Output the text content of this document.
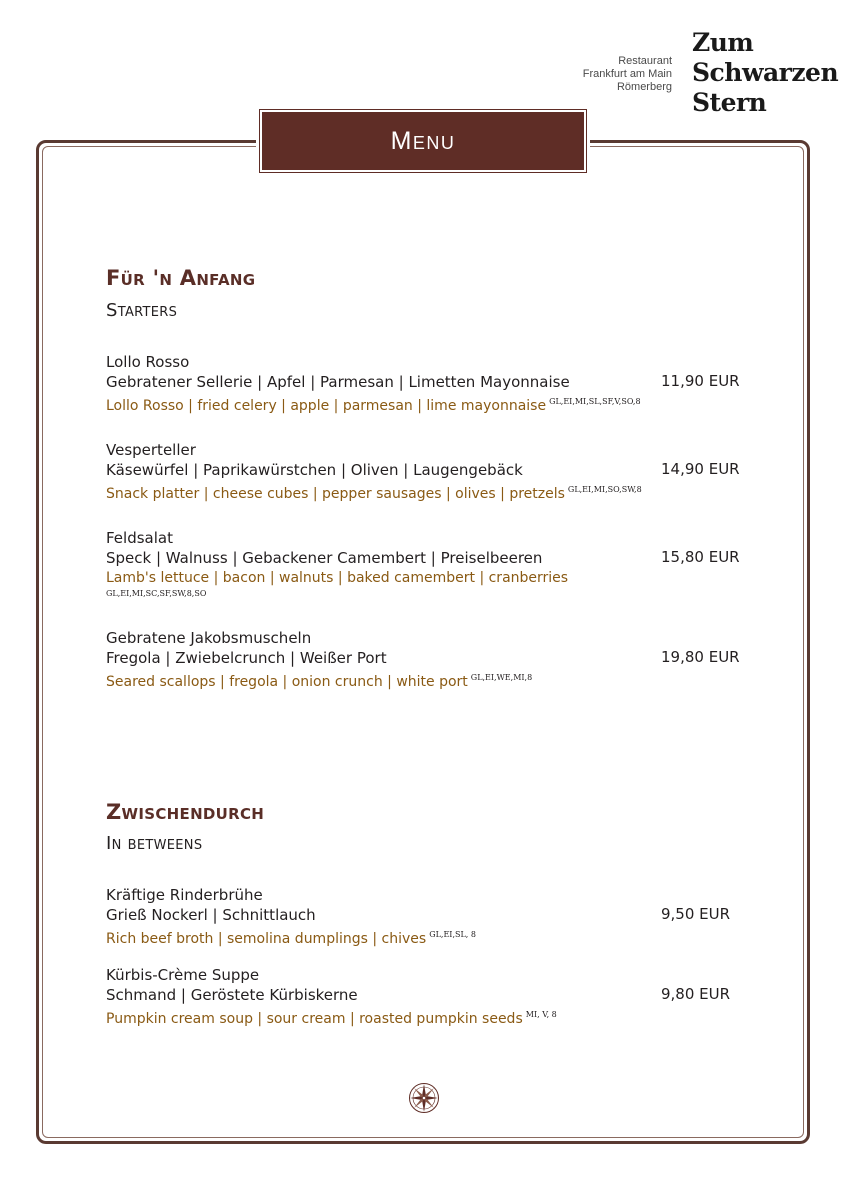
Restaurant
Frankfurt am Main
Römerberg
Zum
Schwarzen
Stern
Menu
Für 'n Anfang
Starters
Lollo Rosso
Gebratener Sellerie | Apfel | Parmesan | Limetten Mayonnaise
Lollo Rosso | fried celery | apple | parmesan | lime mayonnaise $^{GL,EI,MI,SL,SF,V,SO,8}$
11,90 EUR
Vesperteller
Käsewürfel | Paprikawürstchen | Oliven | Laugengebäck
Snack platter | cheese cubes | pepper sausages | olives | pretzels $^{GL,EI,MI,SO,SW,8}$
14,90 EUR
Feldsalat
Speck | Walnuss | Gebackener Camembert | Preiselbeeren
Lamb's lettuce | bacon | walnuts | baked camembert | cranberries
GL,EI,MI,SC,SF,SW,8,SO
15,80 EUR
Gebratene Jakobsmuscheln
Fregola | Zwiebelcrunch | Weißer Port
Seared scallops | fregola | onion crunch | white port $^{GL,EI,WE,MI,8}$
19,80 EUR
Zwischendurch
In betweens
Kräftige Rinderbrühe
Grieß Nockerl | Schnittlauch
Rich beef broth | semolina dumplings | chives $^{GL,EI,SL, 8}$
9,50 EUR
Kürbis-Crème Suppe
Schmand | Geröstete Kürbiskerne
Pumpkin cream soup | sour cream | roasted pumpkin seeds $^{MI, V, 8}$
9,80 EUR
